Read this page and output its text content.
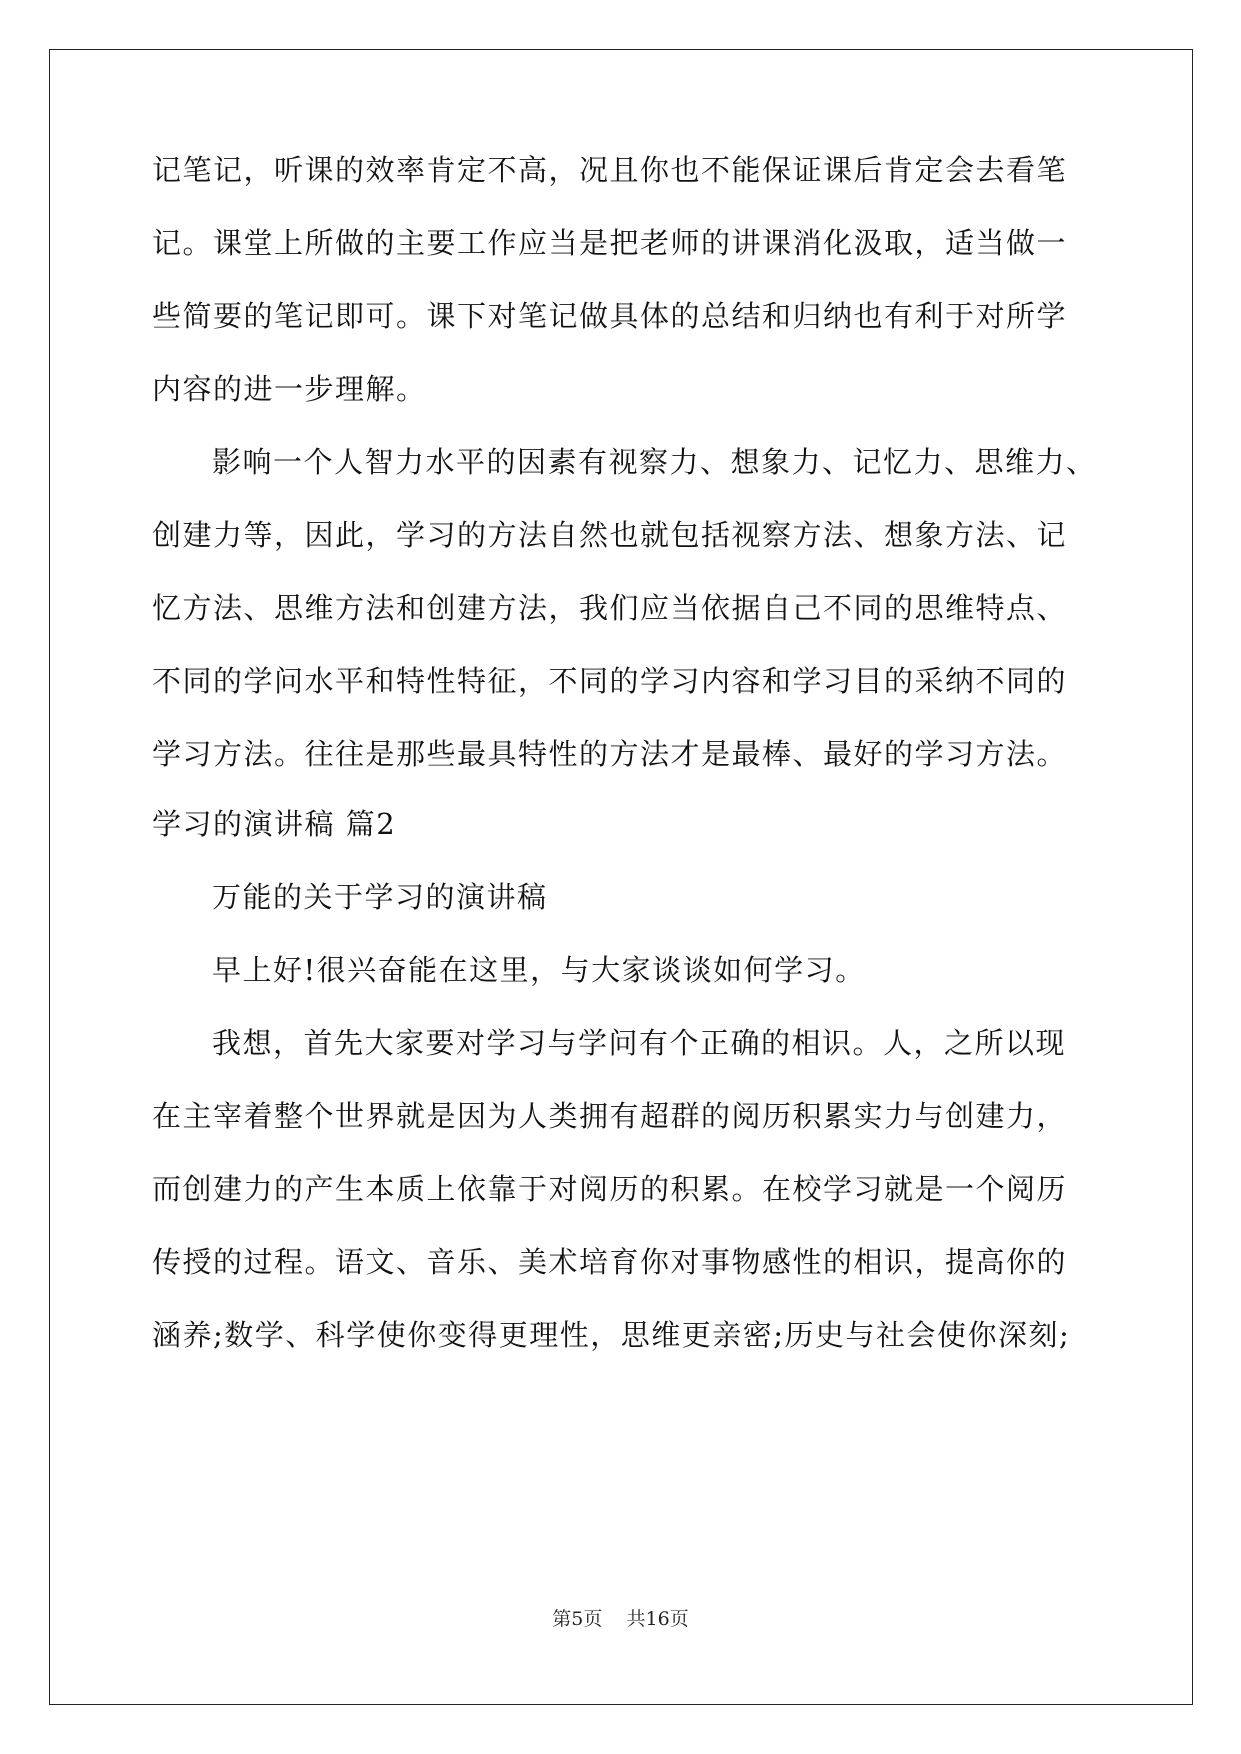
记笔记，听课的效率肯定不高，况且你也不能保证课后肯定会去看笔
记。课堂上所做的主要工作应当是把老师的讲课消化汲取，适当做一
些简要的笔记即可。课下对笔记做具体的总结和归纳也有利于对所学
内容的进一步理解。
影响一个人智力水平的因素有视察力、想象力、记忆力、思维力、
创建力等，因此，学习的方法自然也就包括视察方法、想象方法、记
忆方法、思维方法和创建方法，我们应当依据自己不同的思维特点、
不同的学问水平和特性特征，不同的学习内容和学习目的采纳不同的
学习方法。往往是那些最具特性的方法才是最棒、最好的学习方法。
学习的演讲稿 篇2
万能的关于学习的演讲稿
早上好!很兴奋能在这里，与大家谈谈如何学习。
我想，首先大家要对学习与学问有个正确的相识。人，之所以现
在主宰着整个世界就是因为人类拥有超群的阅历积累实力与创建力，
而创建力的产生本质上依靠于对阅历的积累。在校学习就是一个阅历
传授的过程。语文、音乐、美术培育你对事物感性的相识，提高你的
涵养;数学、科学使你变得更理性，思维更亲密;历史与社会使你深刻;
第5页 共16页
